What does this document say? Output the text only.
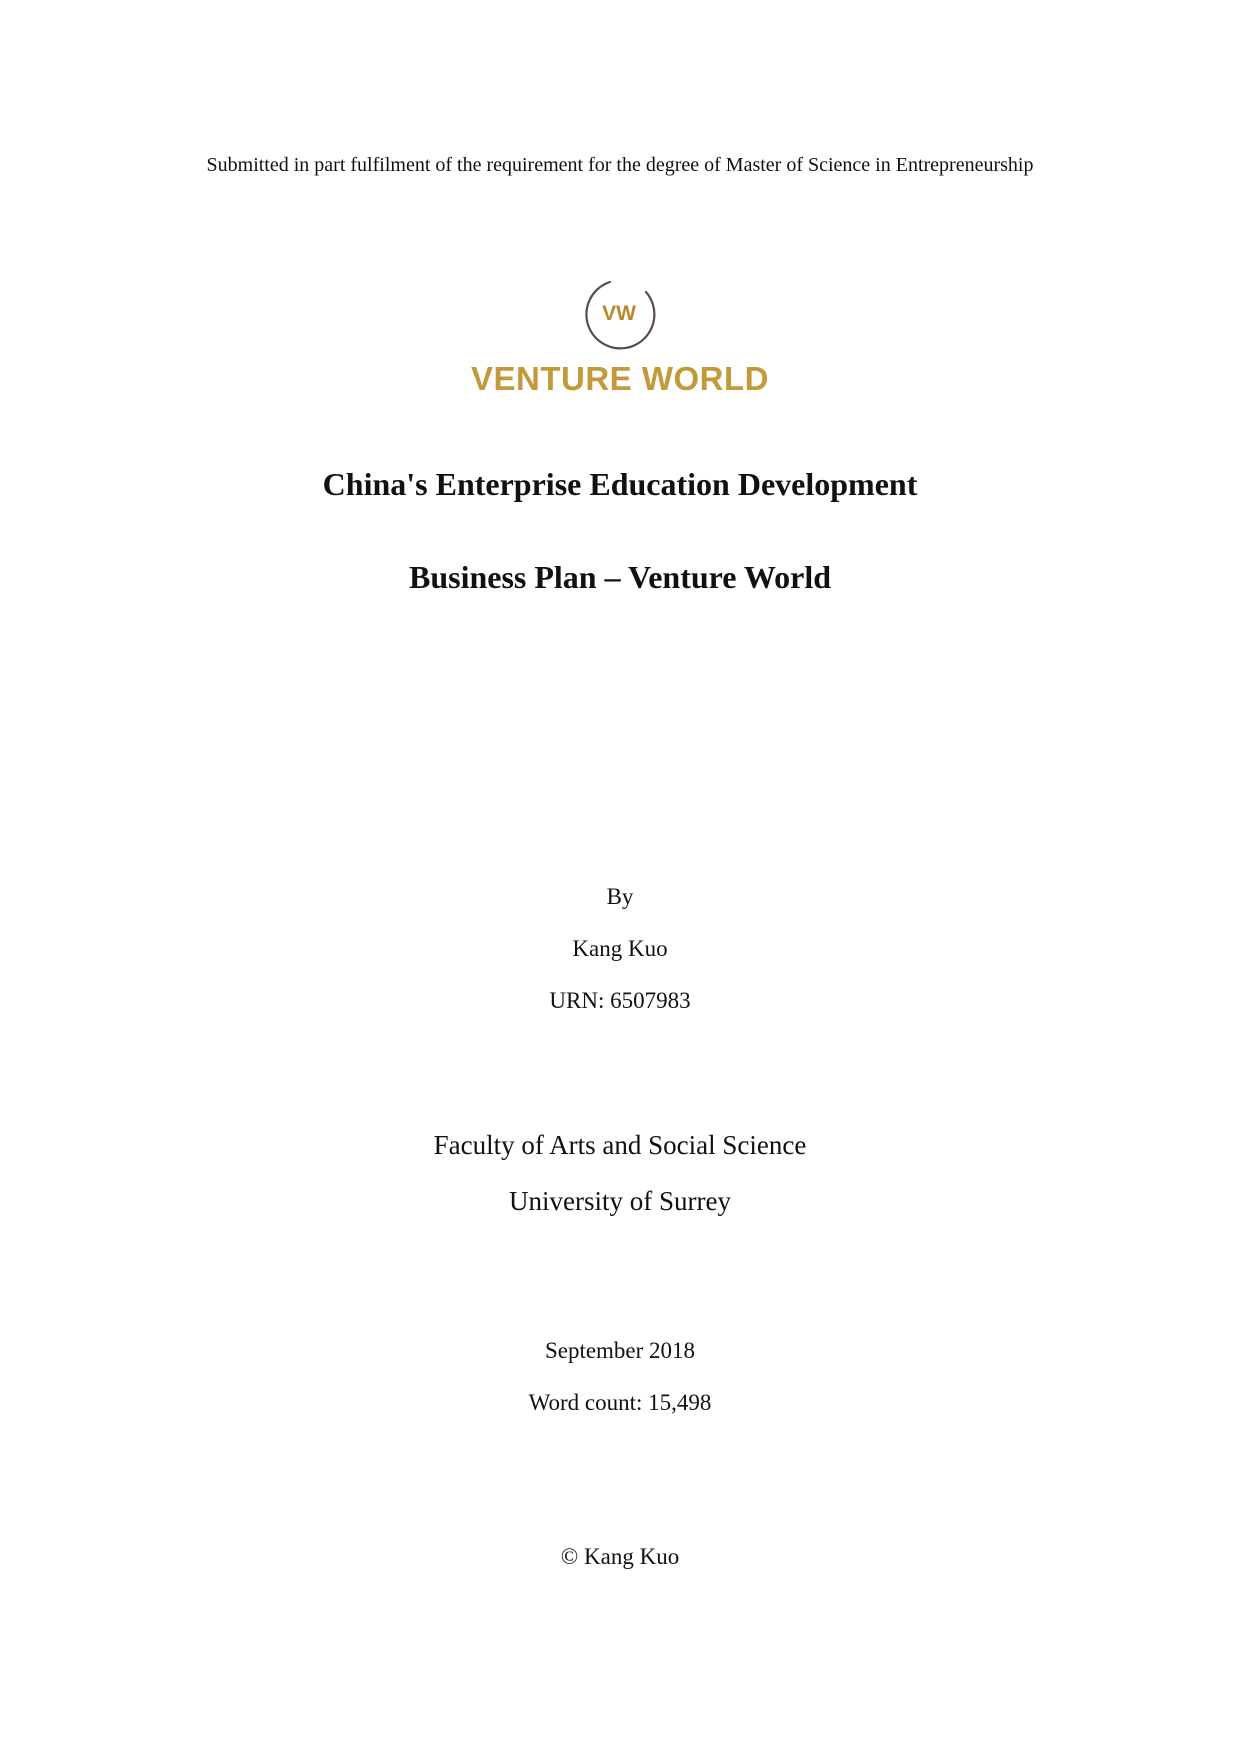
Submitted in part fulfilment of the requirement for the degree of Master of Science in Entrepreneurship
VW
VENTURE WORLD
China's Enterprise Education Development
Business Plan – Venture World
By
Kang Kuo
URN: 6507983
Faculty of Arts and Social Science
University of Surrey
September 2018
Word count: 15,498
© Kang Kuo
